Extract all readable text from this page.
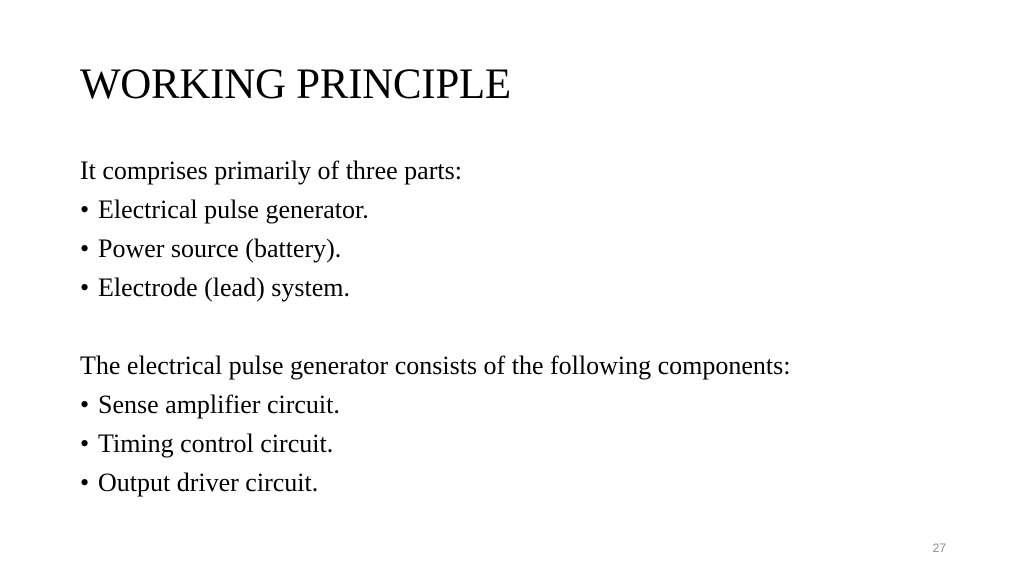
WORKING PRINCIPLE
It comprises primarily of three parts:
• Electrical pulse generator.
• Power source (battery).
• Electrode (lead) system.
The electrical pulse generator consists of the following components:
• Sense amplifier circuit.
• Timing control circuit.
• Output driver circuit.
27
